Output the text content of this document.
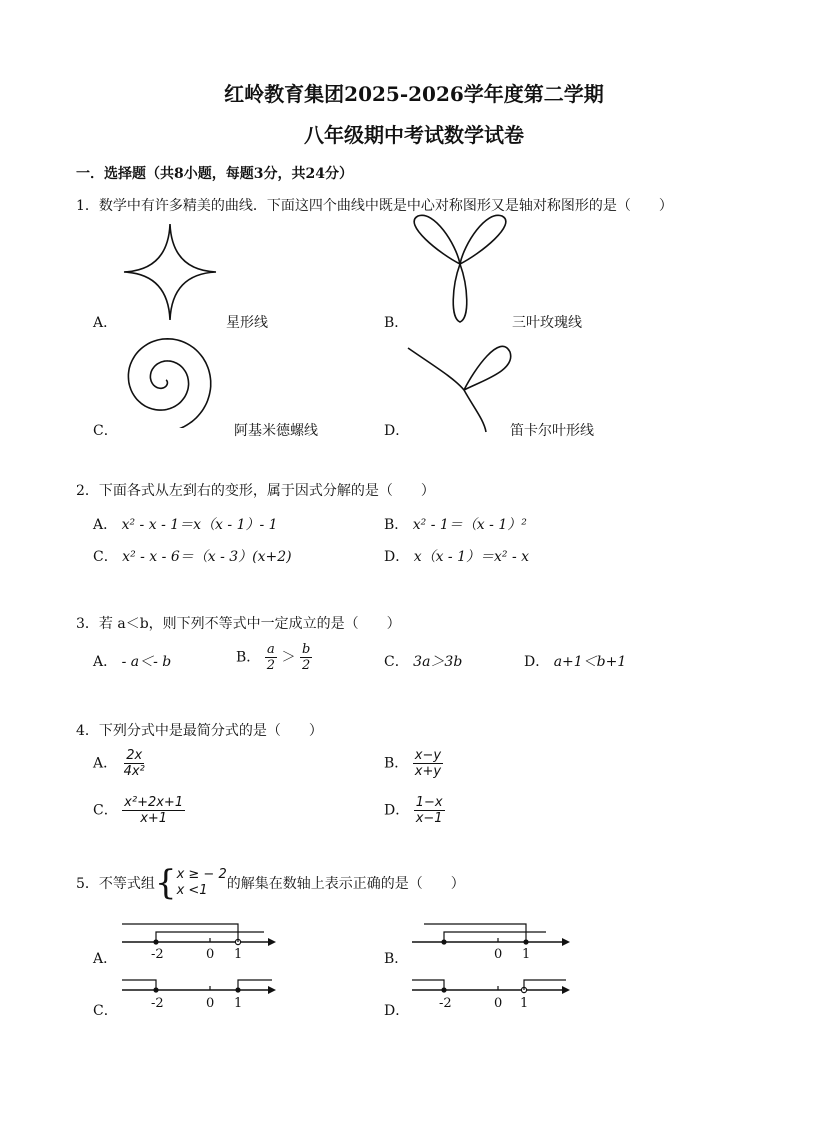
红岭教育集团2025-2026学年度第二学期
八年级期中考试数学试卷
一．选择题（共8小题，每题3分，共24分）
1．数学中有许多精美的曲线．下面这四个曲线中既是中心对称图形又是轴对称图形的是（　　）
A．	星形线	B．	三叶玫瑰线
C．	阿基米德螺线	D．	笛卡尔叶形线
2．下面各式从左到右的变形，属于因式分解的是（　　）
A． x² - x - 1＝x（x - 1）- 1	B． x² - 1＝（x - 1）²
C． x² - x - 6＝（x - 3）(x+2)	D． x（x - 1）＝x² - x
3．若 a＜b，则下列不等式中一定成立的是（　　）
A． - a＜- b	B． $\frac{a}{2} > \frac{b}{2}$	C． 3a＞3b	D． a+1＜b+1
4．下列分式中是最简分式的是（　　）
A． $\frac{2x}{\text{4x²}}$	B． $\frac{x-y}{x+y}$
C． $\frac{\text{x²+2x+1}}{x+1}$	D． $\frac{1-x}{x-1}$
5．不等式组 { x ≥ − 2
x <1	的解集在数轴上表示正确的是（　　）
A．	-2	0 1	B．	0 1
C．	-2	0 1	D． -2	0 1
